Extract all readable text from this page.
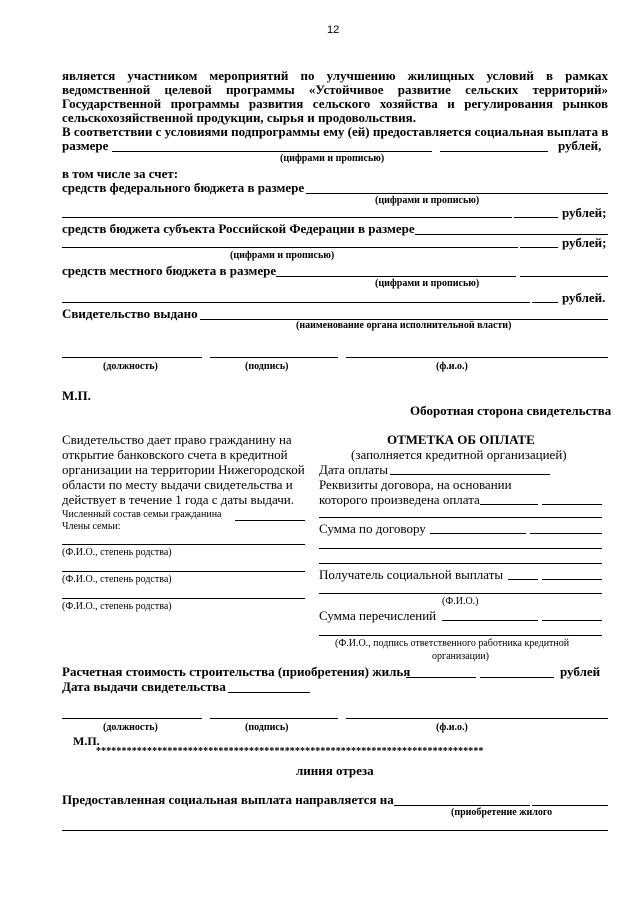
12
является участником мероприятий по улучшению жилищных условий в рамках
ведомственной целевой программы «Устойчивое развитие сельских территорий»
Государственной программы развития сельского хозяйства и регулирования рынков
сельскохозяйственной продукции, сырья и продовольствия.
В соответствии с условиями подпрограммы ему (ей) предоставляется социальная выплата в
размере	рублей,
(цифрами и прописью)
в том числе за счет:
средств федерального бюджета в размере
(цифрами и прописью)
рублей;
средств бюджета субъекта Российской Федерации в размере
рублей;
(цифрами и прописью)
средств местного бюджета в размере
(цифрами и прописью)
рублей.
Свидетельство выдано
(наименование органа исполнительной власти)
(должность)	(подпись)	(ф.и.о.)
М.П.
Оборотная сторона свидетельства
Свидетельство дает право гражданину на
открытие банковского счета в кредитной
организации на территории Нижегородской
области по месту выдачи свидетельства и
действует в течение 1 года с даты выдачи.
Численный состав семьи гражданина
Члены семьи:
(Ф.И.О., степень родства)
(Ф.И.О., степень родства)
(Ф.И.О., степень родства)
ОТМЕТКА ОБ ОПЛАТЕ
(заполняется кредитной организацией)
Дата оплаты
Реквизиты договора, на основании
которого произведена оплата
Сумма по договору
Получатель социальной выплаты
(Ф.И.О.)
Сумма перечислений
(Ф.И.О., подпись ответственного работника кредитной
организации)
Расчетная стоимость строительства (приобретения) жилья	рублей
Дата выдачи свидетельства
(должность)	(подпись)	(ф.и.о.)
М.П.
****************************************************************************
линия отреза
Предоставленная социальная выплата направляется на
(приобретение жилого
